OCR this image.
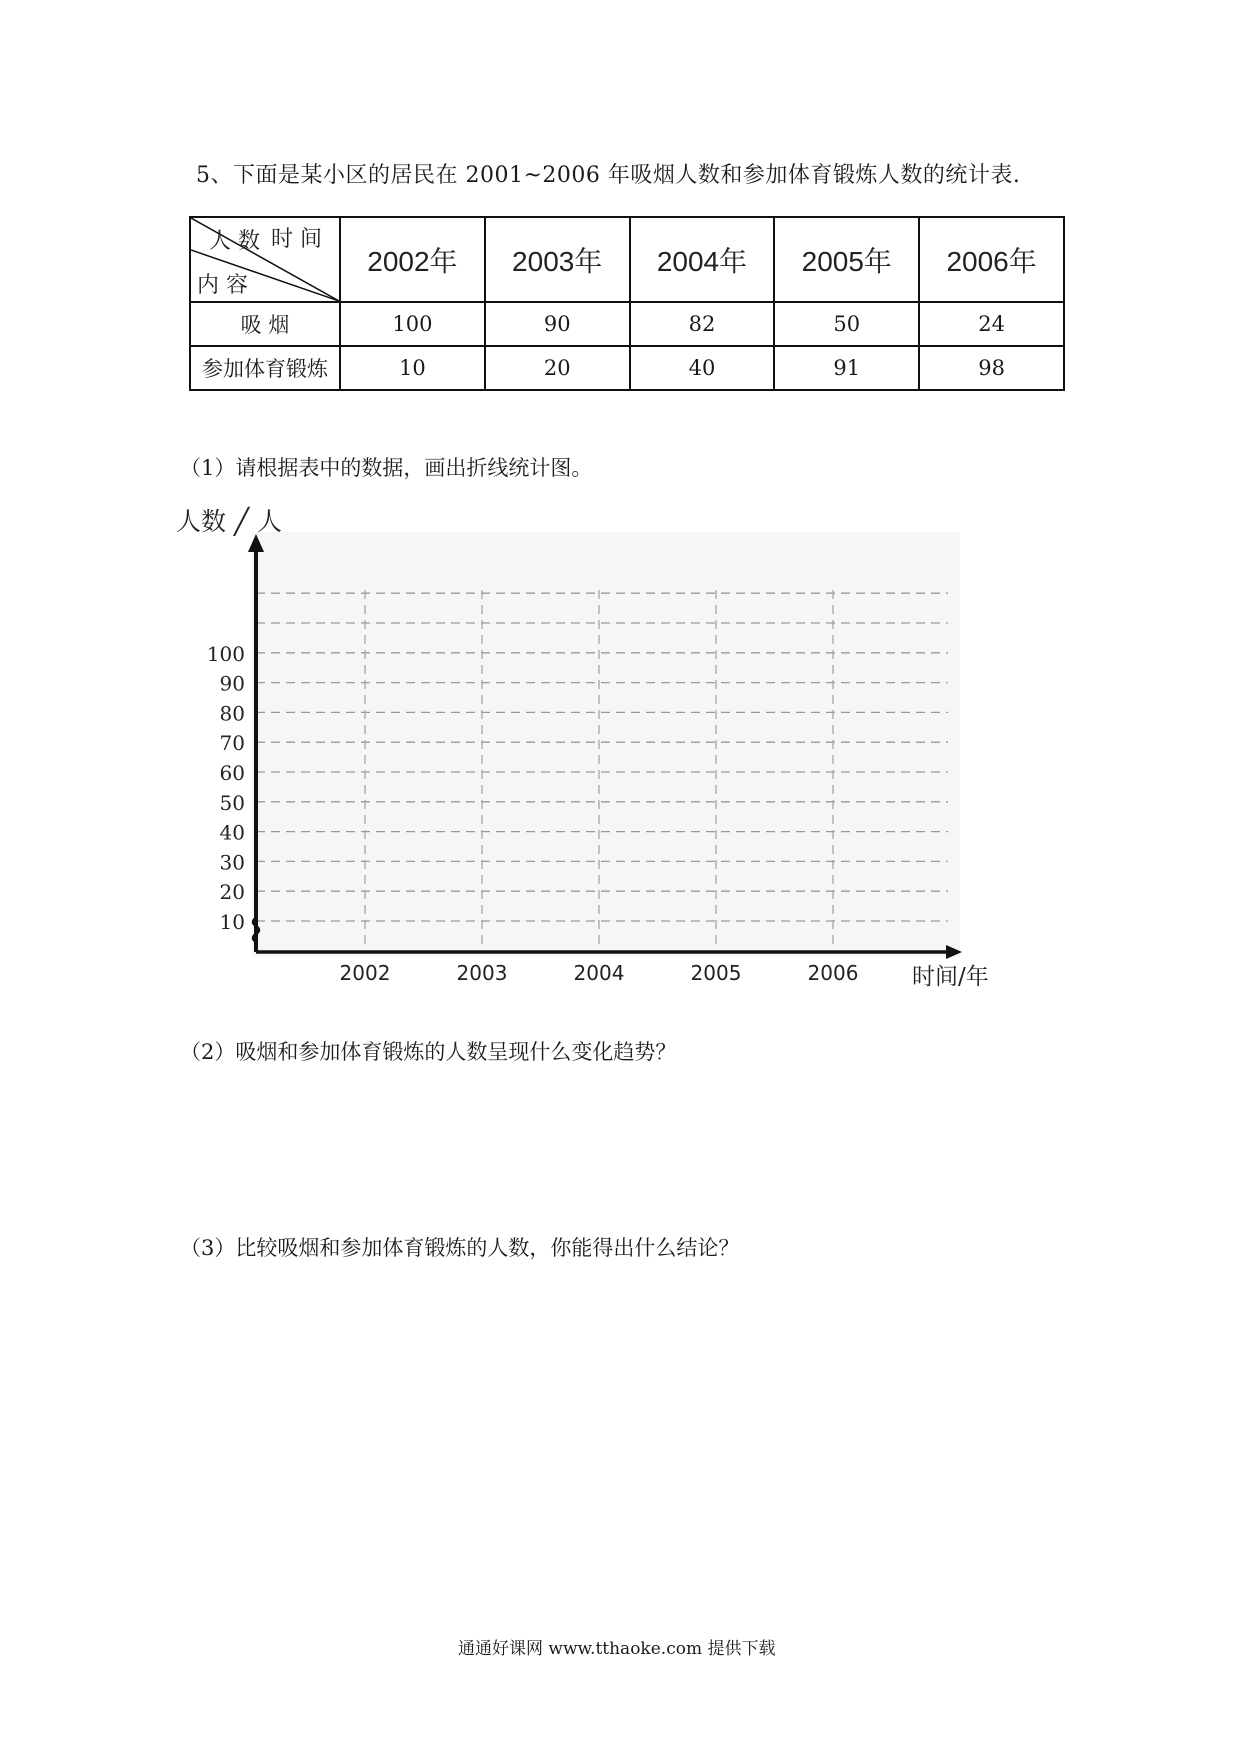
5、下面是某小区的居民在 2001~2006 年吸烟人数和参加体育锻炼人数的统计表.
时 间
人 数
内 容	2002年	2003年	2004年	2005年	2006年
吸 烟	100	90	82	50	24
参加体育锻炼	10	20	40	91	98
（1）请根据表中的数据，画出折线统计图。
10
20
30
40
50
60
70
80
90
100
2002	2003	2004	2005	2006
人数 ╱ 人
时间/年
（2）吸烟和参加体育锻炼的人数呈现什么变化趋势？
（3）比较吸烟和参加体育锻炼的人数，你能得出什么结论？
通通好课网 www.tthaoke.com 提供下载
